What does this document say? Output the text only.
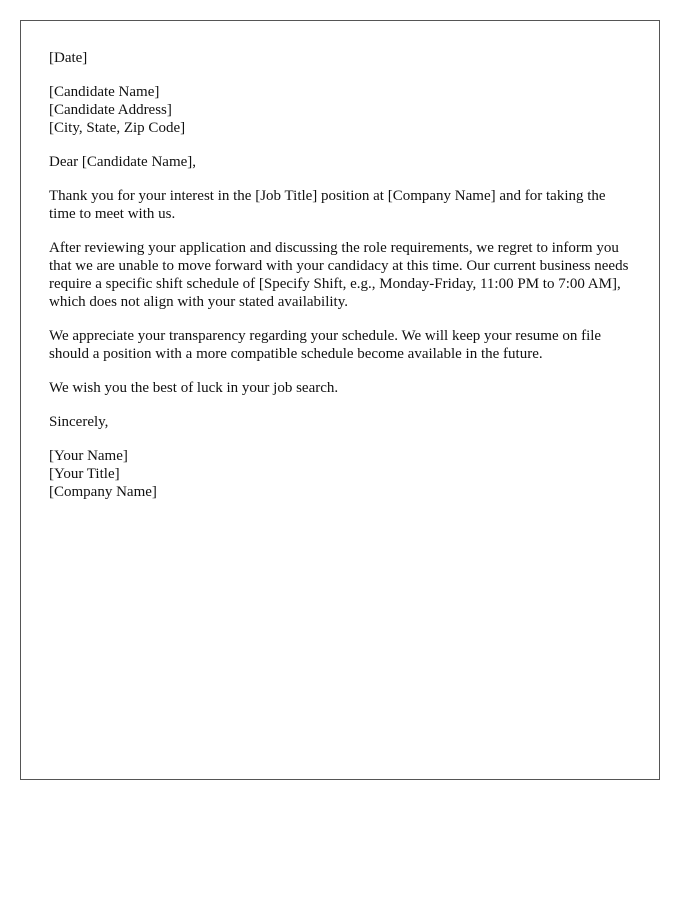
[Date]
[Candidate Name]
[Candidate Address]
[City, State, Zip Code]

Dear [Candidate Name],

Thank you for your interest in the [Job Title] position at [Company Name] and for taking the time to meet with us.

After reviewing your application and discussing the role requirements, we regret to inform you that we are unable to move forward with your candidacy at this time. Our current business needs require a specific shift schedule of [Specify Shift, e.g., Monday-Friday, 11:00 PM to 7:00 AM], which does not align with your stated availability.

We appreciate your transparency regarding your schedule. We will keep your resume on file should a position with a more compatible schedule become available in the future.

We wish you the best of luck in your job search.

Sincerely,

[Your Name]
[Your Title]
[Company Name]
